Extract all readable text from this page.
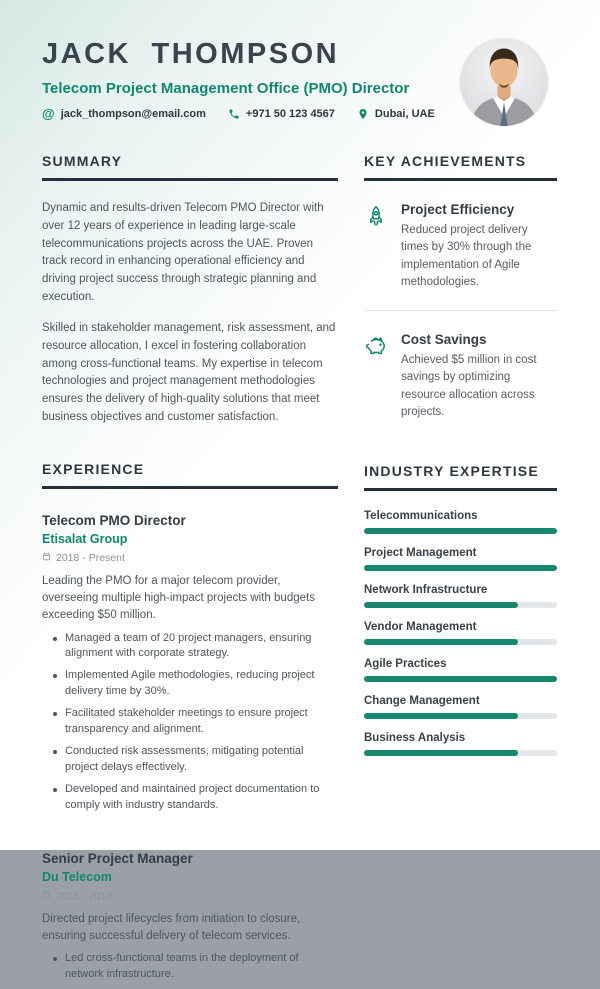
JACK THOMPSON
Telecom Project Management Office (PMO) Director
@ jack_thompson@email.com	+971 50 123 4567	Dubai, UAE
SUMMARY

Dynamic and results-driven Telecom PMO Director with over 12 years of experience in leading large-scale telecommunications projects across the UAE. Proven track record in enhancing operational efficiency and driving project success through strategic planning and execution.

Skilled in stakeholder management, risk assessment, and resource allocation, I excel in fostering collaboration among cross-functional teams. My expertise in telecom technologies and project management methodologies ensures the delivery of high-quality solutions that meet business objectives and customer satisfaction.

EXPERIENCE
Telecom PMO Director
Etisalat Group
2018 - Present

Leading the PMO for a major telecom provider, overseeing multiple high-impact projects with budgets exceeding $50 million.

Managed a team of 20 project managers, ensuring alignment with corporate strategy.
Implemented Agile methodologies, reducing project delivery time by 30%.
Facilitated stakeholder meetings to ensure project transparency and alignment.
Conducted risk assessments, mitigating potential project delays effectively.
Developed and maintained project documentation to comply with industry standards.
Senior Project Manager
Du Telecom
2015 - 2018

Directed project lifecycles from initiation to closure, ensuring successful delivery of telecom services.

Led cross-functional teams in the deployment of network infrastructure.
KEY ACHIEVEMENTS
Project Efficiency
Reduced project delivery times by 30% through the implementation of Agile methodologies.
Cost Savings
Achieved $5 million in cost savings by optimizing resource allocation across projects.
INDUSTRY EXPERTISE
Telecommunications
Project Management
Network Infrastructure
Vendor Management
Agile Practices
Change Management
Business Analysis
